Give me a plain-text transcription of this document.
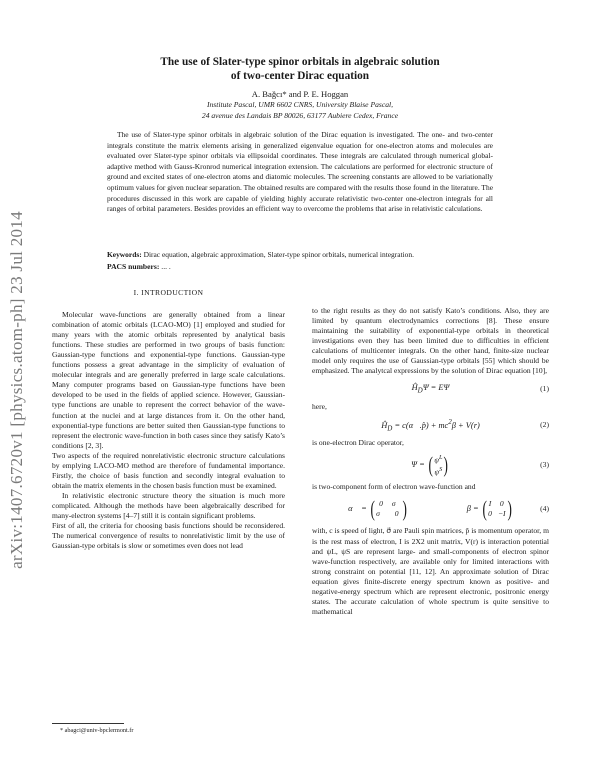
arXiv:1407.6720v1 [physics.atom-ph] 23 Jul 2014
The use of Slater-type spinor orbitals in algebraic solution
of two-center Dirac equation
A. Bağcı* and P. E. Hoggan
Institute Pascal, UMR 6602 CNRS, University Blaise Pascal,
24 avenue des Landais BP 80026, 63177 Aubiere Cedex, France
The use of Slater-type spinor orbitals in algebraic solution of the Dirac equation is investigated. The one- and two-center integrals constitute the matrix elements arising in generalized eigenvalue equation for one-electron atoms and molecules are evaluated over Slater-type spinor orbitals via ellipsoidal coordinates. These integrals are calculated through numerical global-adaptive method with Gauss-Kronrod numerical integration extension. The calculations are performed for electronic structure of ground and excited states of one-electron atoms and diatomic molecules. The screening constants are allowed to be variationally optimum values for given nuclear separation. The obtained results are compared with the results those found in the literature. The procedures discussed in this work are capable of yielding highly accurate relativistic two-center one-electron integrals for all ranges of orbital parameters. Besides provides an efficient way to overcome the problems that arise in relativistic calculations.
Keywords: Dirac equation, algebraic approximation, Slater-type spinor orbitals, numerical integration.
PACS numbers: ... .
I. INTRODUCTION

Molecular wave-functions are generally obtained from a linear combination of atomic orbitals (LCAO-MO) [1] employed and studied for many years with the atomic orbitals represented by analytical basis functions. These studies are performed in two groups of basis function: Gaussian-type functions and exponential-type functions. Gaussian-type functions possess a great advantage in the simplicity of evaluation of molecular integrals and are generally preferred in large scale calculations. Many computer programs based on Gaussian-type functions have been developed to be used in the fields of applied science. However, Gaussian-type functions are unable to represent the correct behavior of the wave-function at the nuclei and at large distances from it. On the other hand, exponential-type functions are better suited then Gaussian-type functions to represent the electronic wave-function in both cases since they satisfy Kato’s conditions [2, 3].

Two aspects of the required nonrelativistic electronic structure calculations by emplying LACO-MO method are therefore of fundamental importance. Firstly, the choice of basis function and secondly integral evaluation to obtain the matrix elements in the chosen basis function must be examined.

In relativistic electronic structure theory the situation is much more complicated. Although the methods have been algebraically described for many-electron systems [4–7] still it is contain significant problems.

First of all, the criteria for choosing basis functions should be reconsidered. The numerical convergence of results to nonrelativistic limit by the use of Gaussian-type orbitals is slow or sometimes even does not lead

to the right results as they do not satisfy Kato’s conditions. Also, they are limited by quantum electrodynamics corrections [8]. These ensure maintaining the suitability of exponential-type orbitals in theoretical investigations even they has been limited due to difficulties in efficient calculations of multicenter integrals. On the other hand, finite-size nuclear model only requires the use of Gaussian-type orbitals [55] which should be emphasized. The analytcal expressions by the solution of Dirac equation [10],

$Ĥ_D\Psi = E\Psi$	(1)

here,

$Ĥ_D$ = c(α⃗.p̂) + $mc^2\beta + V(r)$	(2)

is one-electron Dirac operator,

Ψ = ( $\psi^L$
$\psi^S$ )	(3)

is two-component form of electron wave-function and

α⃗ = ( 0	σ⃗
σ⃗	0 )	β = ( I 0
0 −I )	(4)

with, c is speed of light, σ⃗ are Pauli spin matrices, p̂ is momentum operator, m is the rest mass of electron, I is 2X2 unit matrix, V(r) is interaction potential and ψL, ψS are represent large- and small-components of electron spinor wave-function respectively, are available only for limited interactions with strong constraint on potential [11, 12]. An approximate solution of Dirac equation gives finite-discrete energy spectrum known as positive- and negative-energy spectrum which are represent electronic, positronic energy states. The accurate calculation of whole spectrum is quite sensitive to mathematical

* abagci@univ-bpclermont.fr
